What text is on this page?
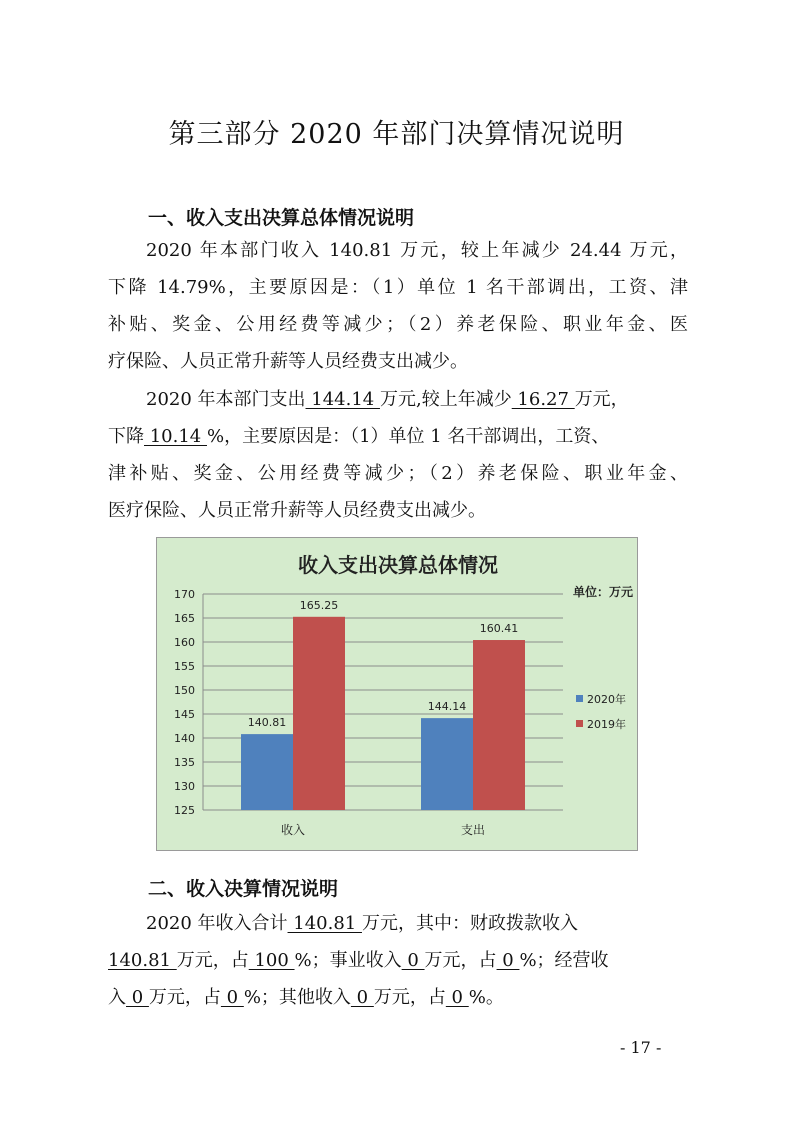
第三部分 2020 年部门决算情况说明
一、收入支出决算总体情况说明

2020 年本部门收入 140.81 万元，较上年减少 24.44 万元，
下降 14.79%，主要原因是：（1）单位 1 名干部调出，工资、津
补贴、奖金、公用经费等减少；（2）养老保险、职业年金、医
疗保险、人员正常升薪等人员经费支出减少。

2020 年本部门支出 144.14 万元,较上年减少 16.27 万元，
下降 10.14 %，主要原因是：（1）单位 1 名干部调出，工资、
津补贴、奖金、公用经费等减少；（2）养老保险、职业年金、
医疗保险、人员正常升薪等人员经费支出减少。

收入支出决算总体情况
单位：万元
125
130
135
140
145
150
155
160
165
170
140.81
165.25
144.14
160.41
收入	支出
2020年
2019年
二、收入决算情况说明

2020 年收入合计 140.81 万元，其中：财政拨款收入
140.81 万元，占 100 %；事业收入 0 万元，占 0 %；经营收
入 0 万元，占 0 %；其他收入 0 万元，占 0 %。

- 17 -
